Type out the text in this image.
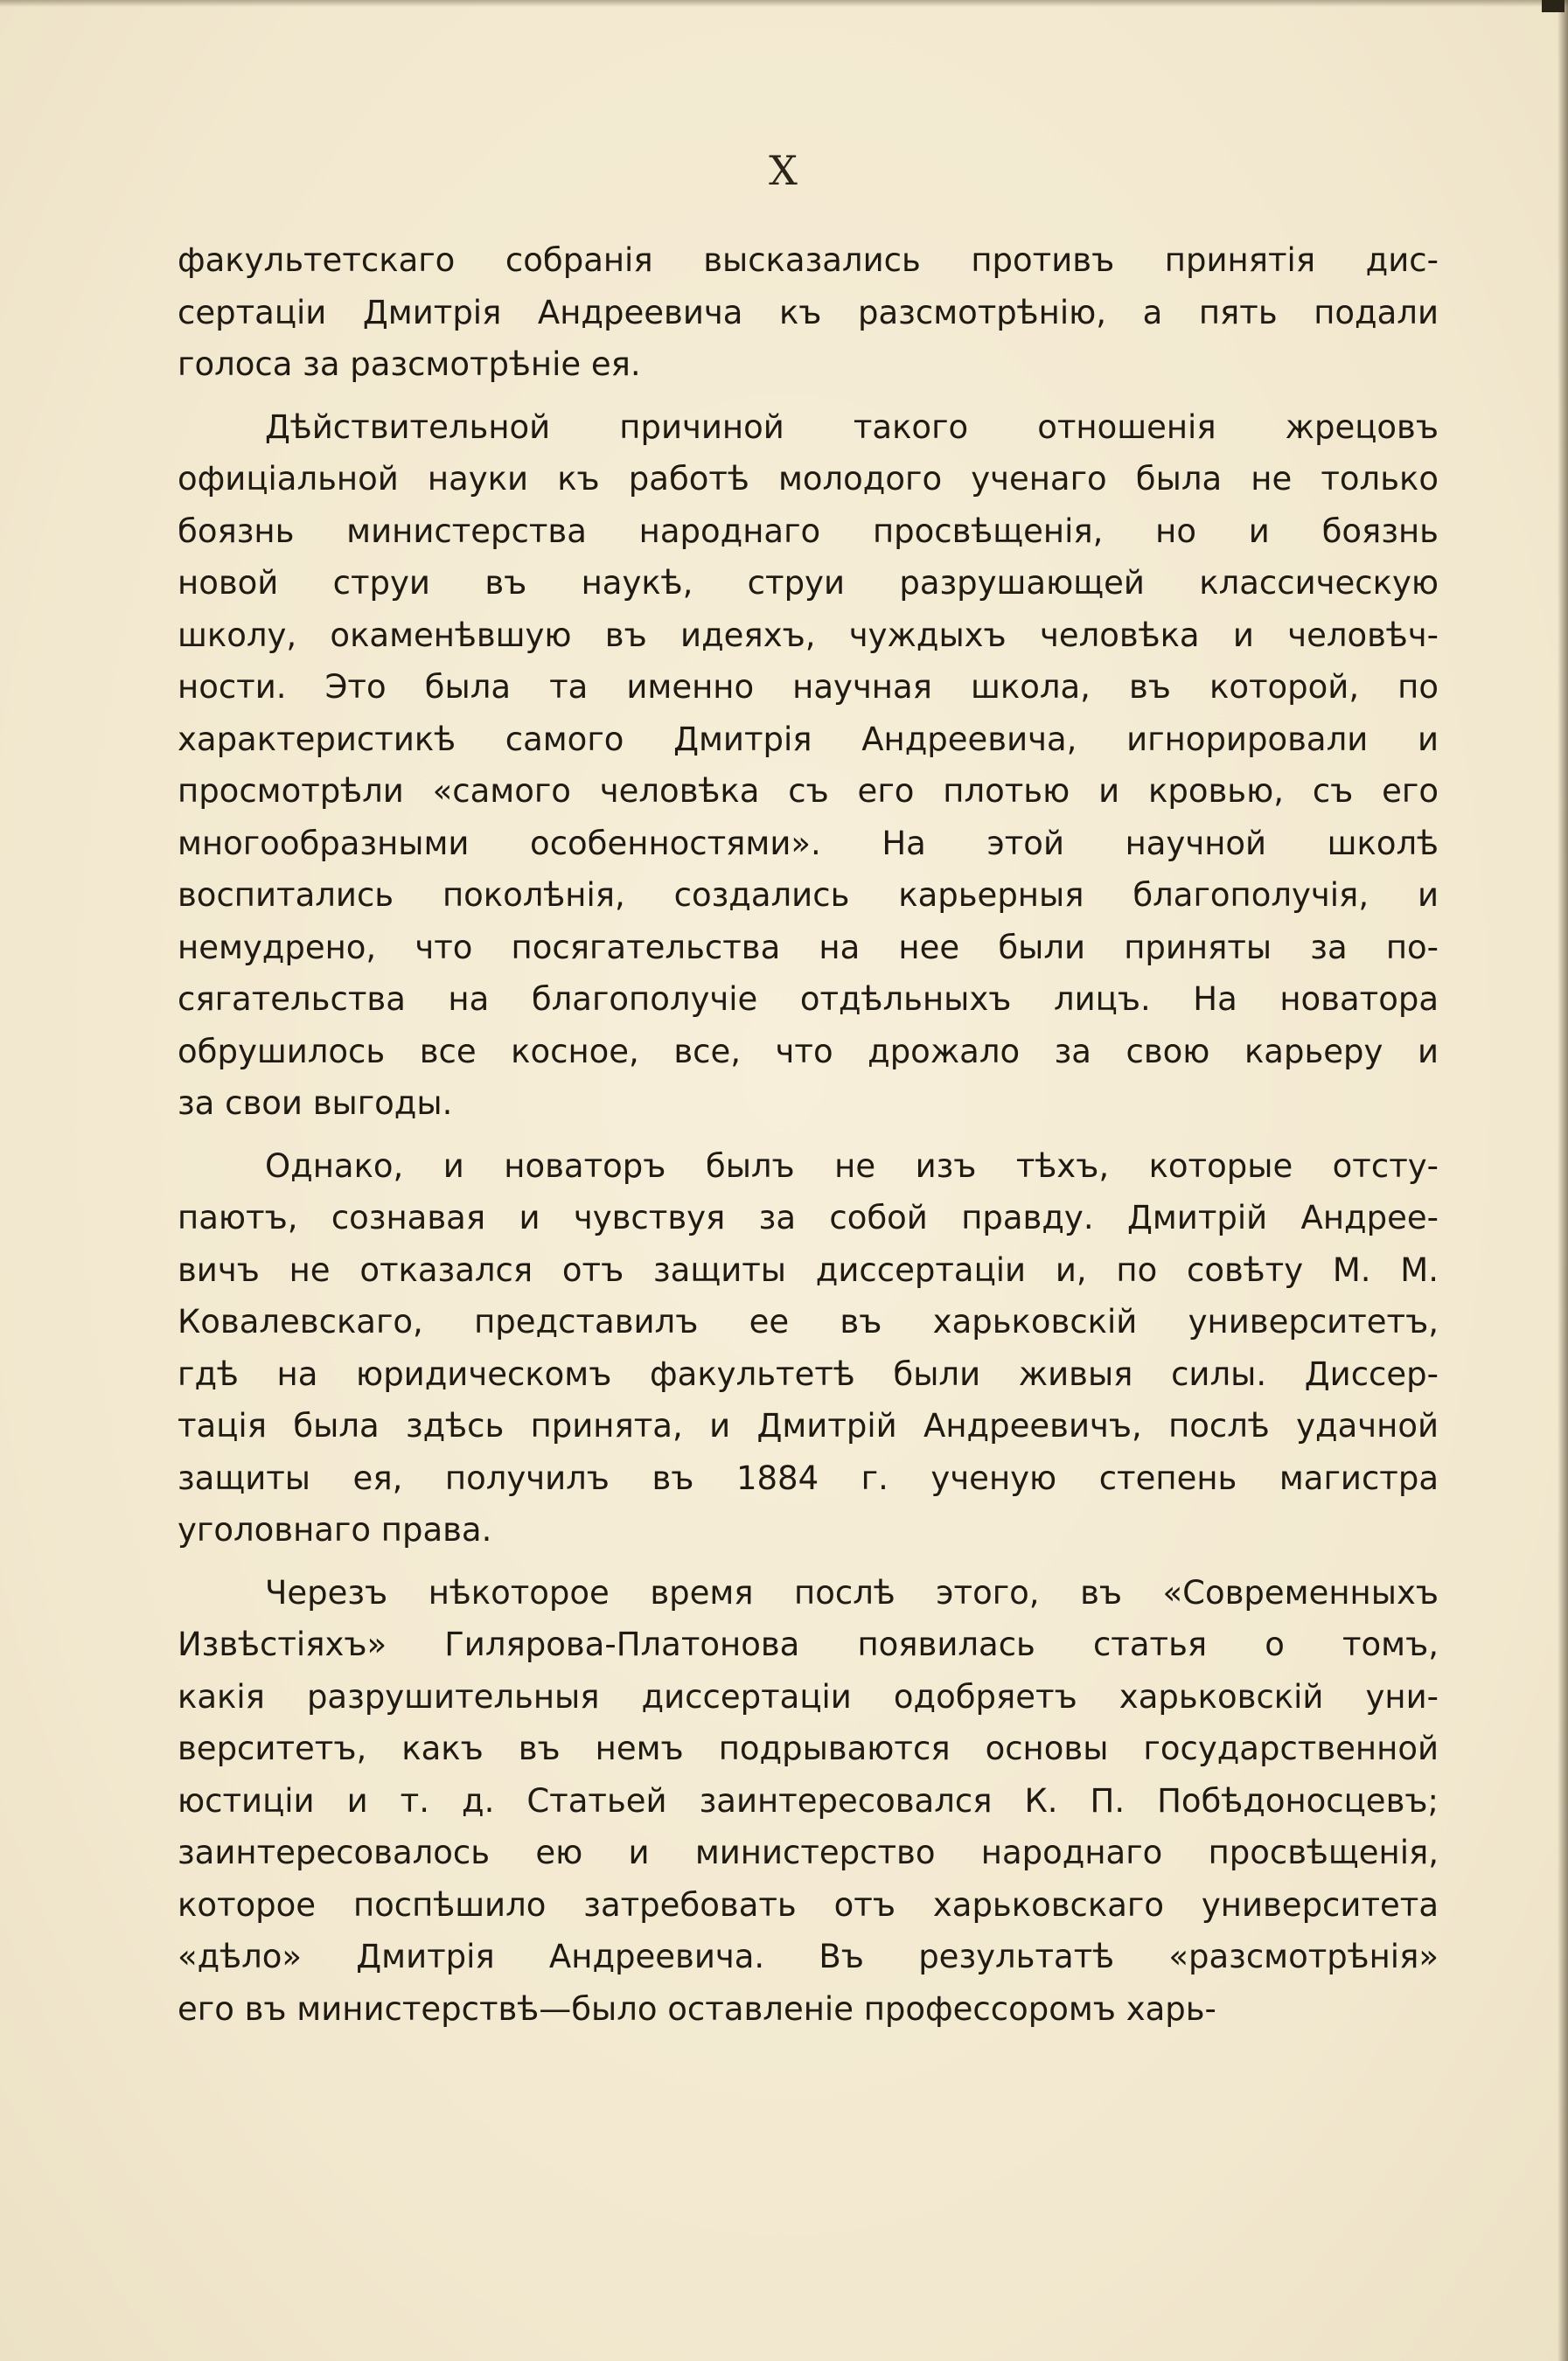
X
факультетскаго собранія высказались противъ принятія дис-
сертаціи Дмитрія Андреевича къ разсмотрѣнію, а пять подали
голоса за разсмотрѣніе ея.
Дѣйствительной причиной такого отношенія жрецовъ
офиціальной науки къ работѣ молодого ученаго была не только
боязнь министерства народнаго просвѣщенія, но и боязнь
новой струи въ наукѣ, струи разрушающей классическую
школу, окаменѣвшую въ идеяхъ, чуждыхъ человѣка и человѣч-
ности. Это была та именно научная школа, въ которой, по
характеристикѣ самого Дмитрія Андреевича, игнорировали и
просмотрѣли «самого человѣка съ его плотью и кровью, съ его
многообразными особенностями». На этой научной школѣ
воспитались поколѣнія, создались карьерныя благополучія, и
немудрено, что посягательства на нее были приняты за по-
сягательства на благополучіе отдѣльныхъ лицъ. На новатора
обрушилось все косное, все, что дрожало за свою карьеру и
за свои выгоды.
Однако, и новаторъ былъ не изъ тѣхъ, которые отсту-
паютъ, сознавая и чувствуя за собой правду. Дмитрій Андрее-
вичъ не отказался отъ защиты диссертаціи и, по совѣту М. М.
Ковалевскаго, представилъ ее въ харьковскій университетъ,
гдѣ на юридическомъ факультетѣ были живыя силы. Диссер-
тація была здѣсь принята, и Дмитрій Андреевичъ, послѣ удачной
защиты ея, получилъ въ 1884 г. ученую степень магистра
уголовнаго права.
Черезъ нѣкоторое время послѣ этого, въ «Современныхъ
Извѣстіяхъ» Гилярова-Платонова появилась статья о томъ,
какія разрушительныя диссертаціи одобряетъ харьковскій уни-
верситетъ, какъ въ немъ подрываются основы государственной
юстиціи и т. д. Статьей заинтересовался К. П. Побѣдоносцевъ;
заинтересовалось ею и министерство народнаго просвѣщенія,
которое поспѣшило затребовать отъ харьковскаго университета
«дѣло» Дмитрія Андреевича. Въ результатѣ «разсмотрѣнія»
его въ министерствѣ—было оставленіе профессоромъ харь-
